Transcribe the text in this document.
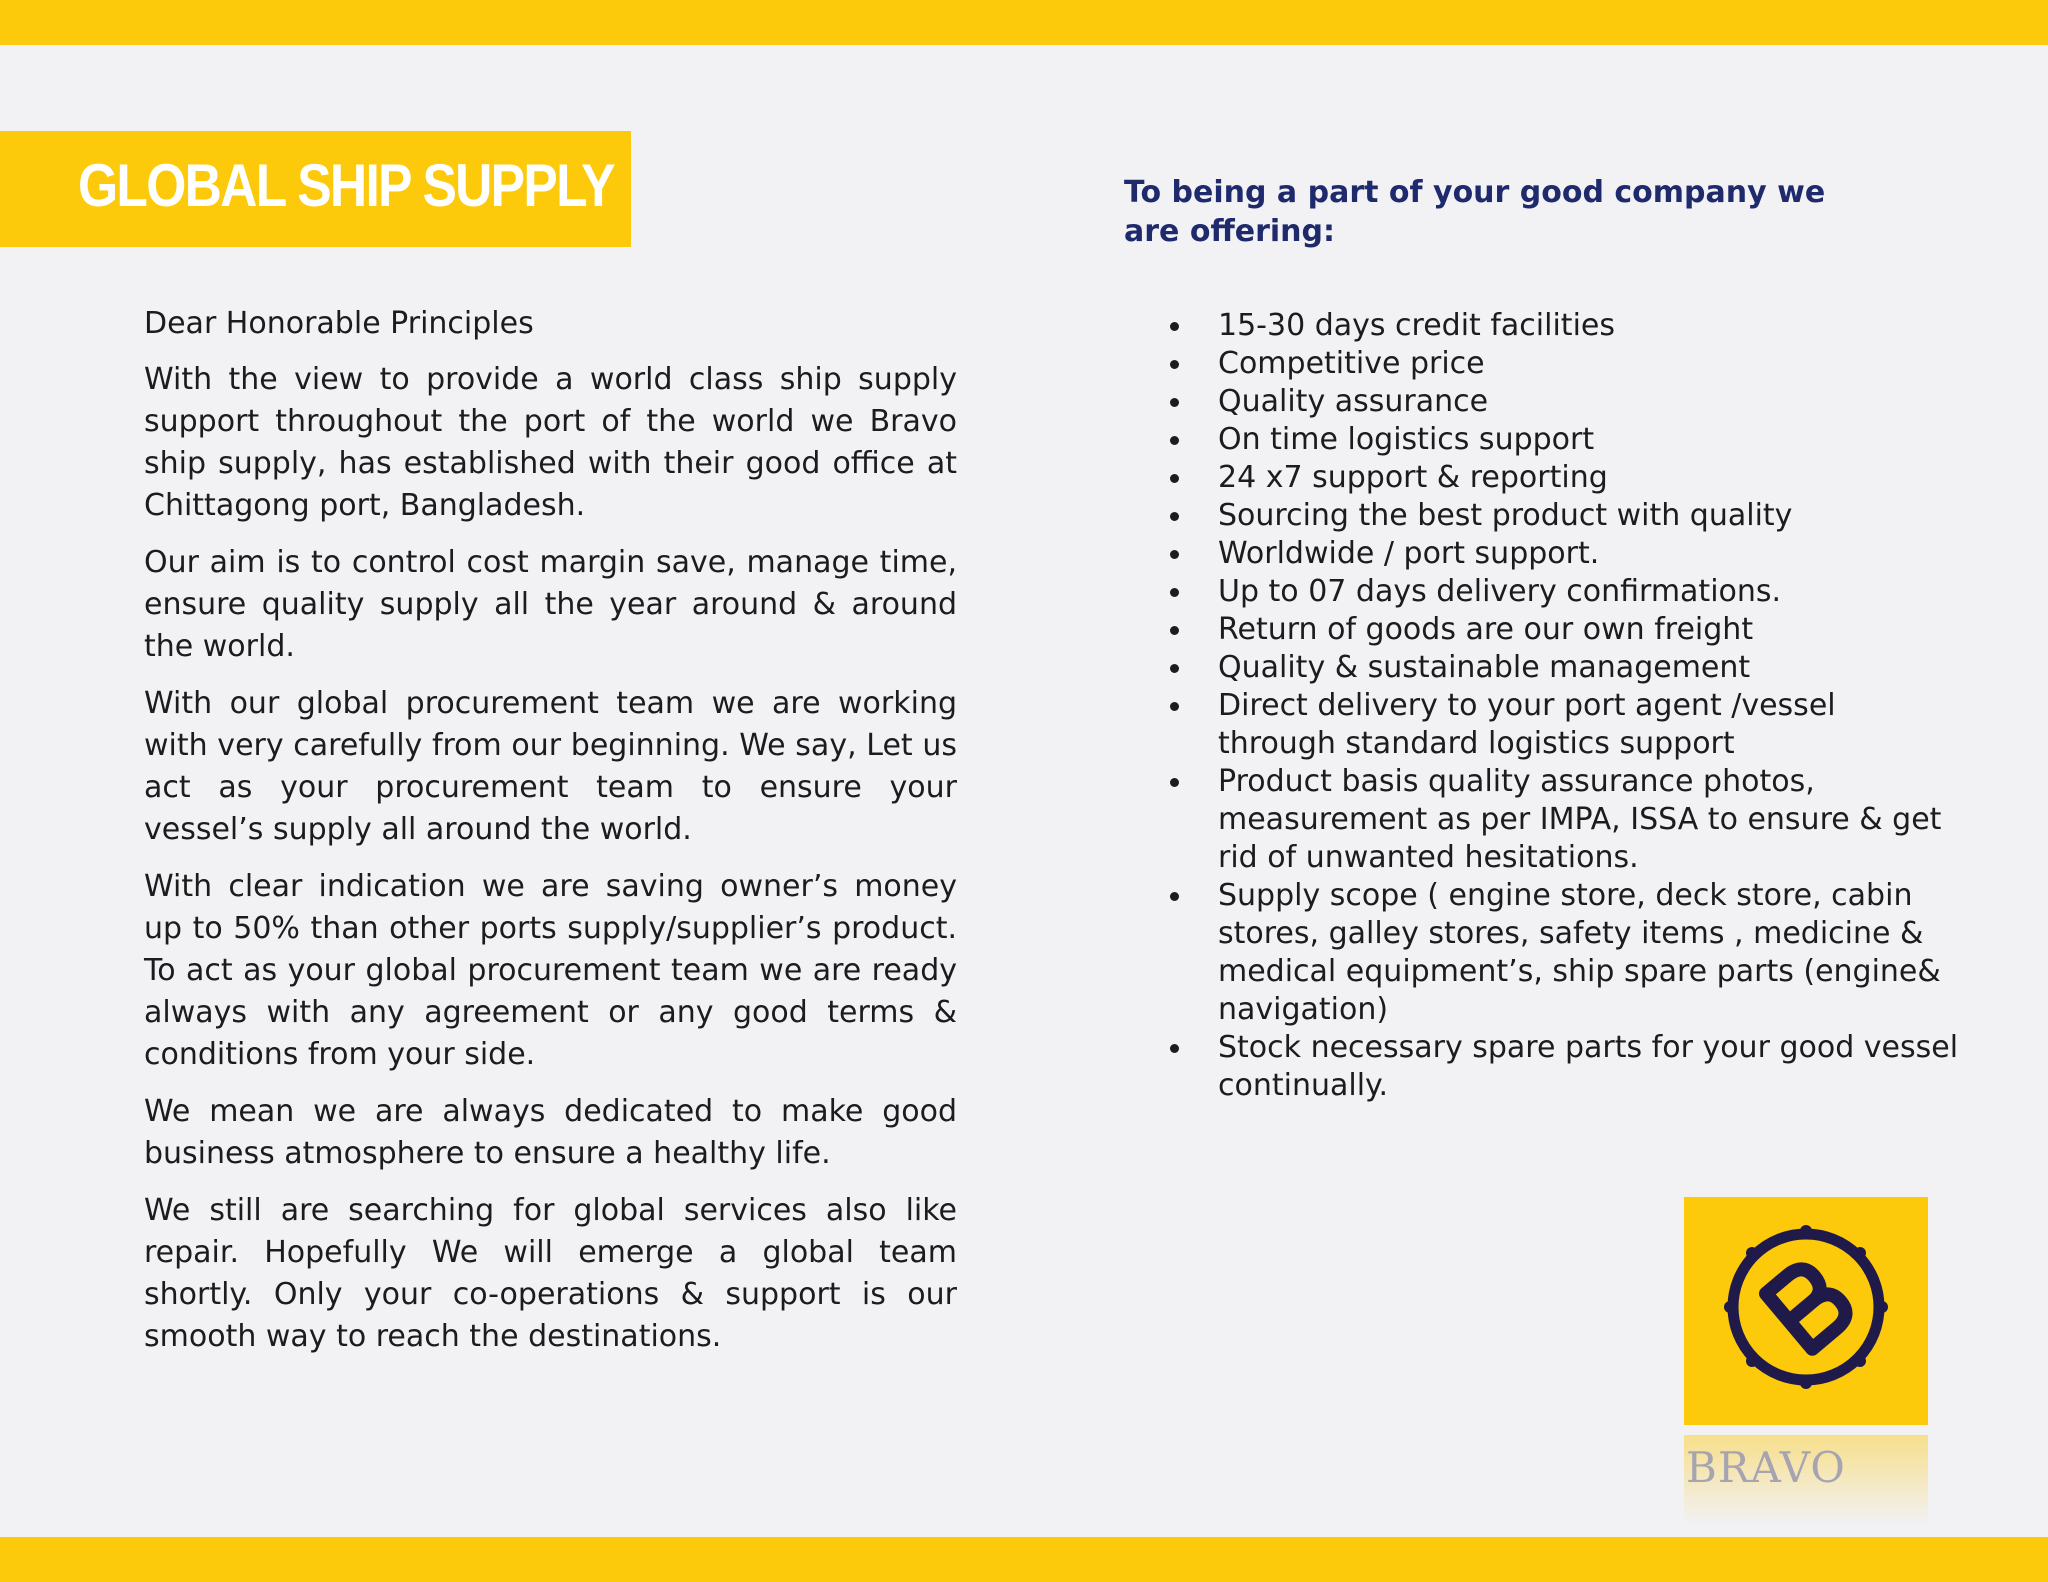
GLOBAL SHIP SUPPLY

Dear Honorable Principles

With the view to provide a world class ship supply support throughout the port of the world we Bravo ship supply, has established with their good office at Chittagong port, Bangladesh.

Our aim is to control cost margin save, manage time, ensure quality supply all the year around & around the world.

With our global procurement team we are working with very carefully from our beginning. We say, Let us act as your procurement team to ensure your vessel’s supply all around the world.

With clear indication we are saving owner’s money up to 50% than other ports supply/supplier’s product. To act as your global procurement team we are ready always with any agreement or any good terms & conditions from your side.

We mean we are always dedicated to make good business atmosphere to ensure a healthy life.

We still are searching for global services also like repair. Hopefully We will emerge a global team shortly. Only your co-operations & support is our smooth way to reach the destinations.

To being a part of your good company we are offering:
15-30 days credit facilities
Competitive price
Quality assurance
On time logistics support
24 x7 support & reporting
Sourcing the best product with quality
Worldwide / port support.
Up to 07 days delivery confirmations.
Return of goods are our own freight
Quality & sustainable management
Direct delivery to your port agent /vessel through standard logistics support
Product basis quality assurance photos, measurement as per IMPA, ISSA to ensure & get rid of unwanted hesitations.
Supply scope ( engine store, deck store, cabin stores, galley stores, safety items , medicine & medical equipment’s, ship spare parts (engine& navigation)
Stock necessary spare parts for your good vessel continually.
BRAVO
